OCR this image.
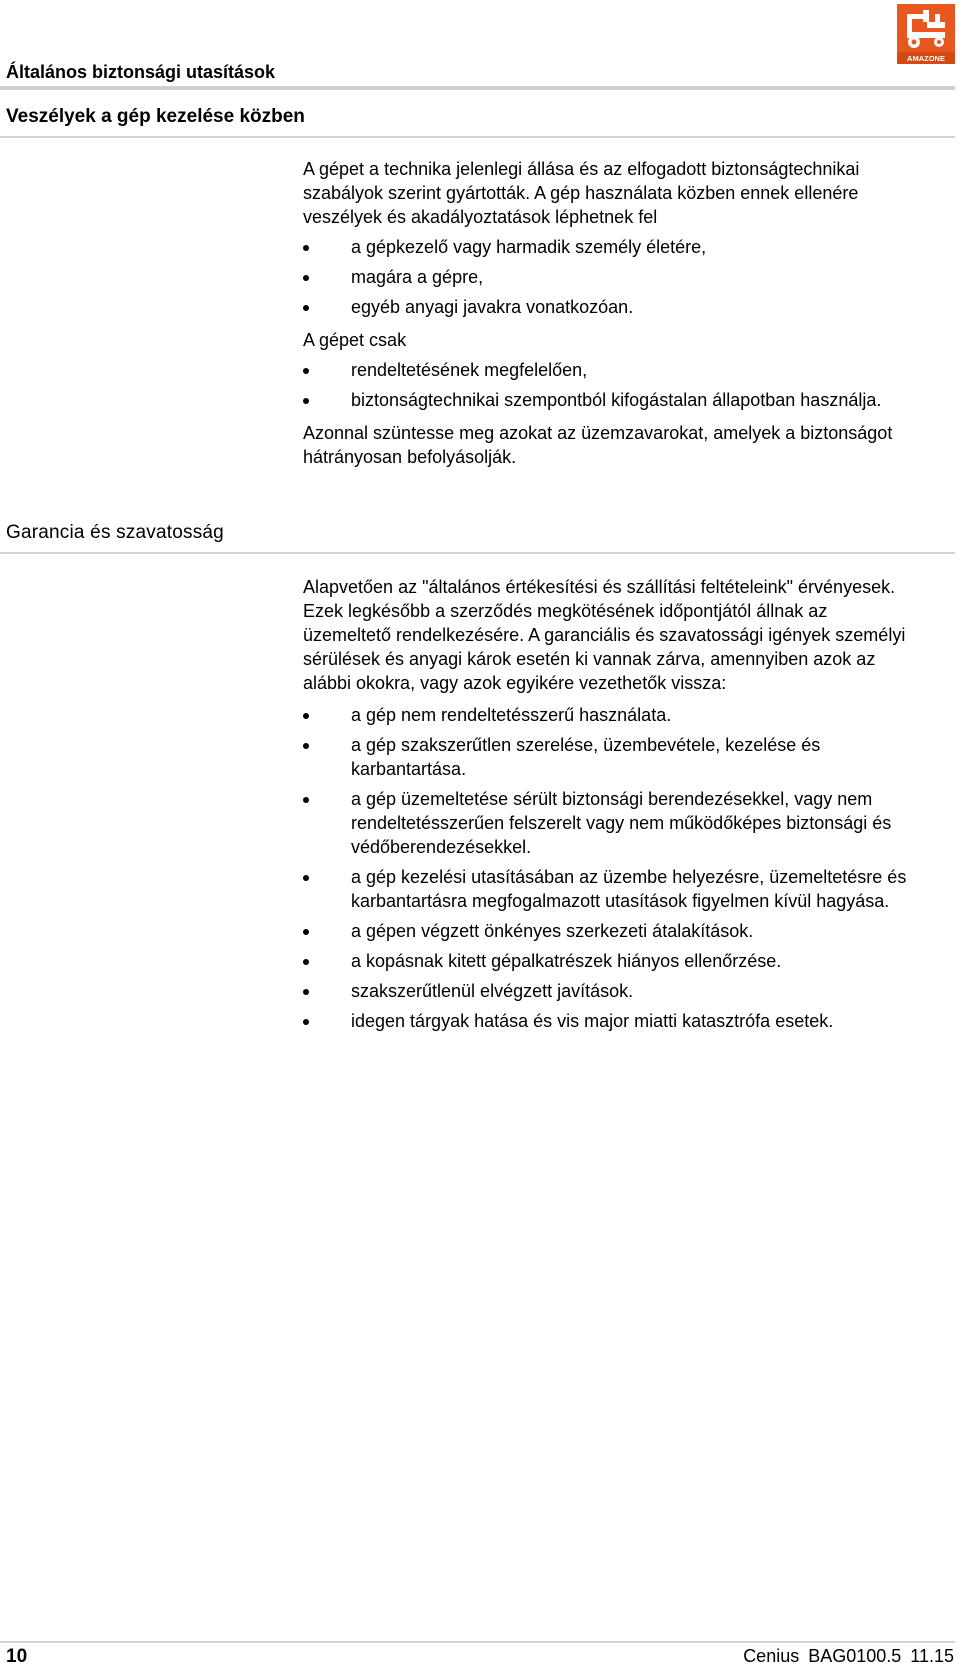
Általános biztonsági utasítások
AMAZONE
Veszélyek a gép kezelése közben

A gépet a technika jelenlegi állása és az elfogadott biztonságtechnikai szabályok szerint gyártották. A gép használata közben ennek ellenére veszélyek és akadályoztatások léphetnek fel

a gépkezelő vagy harmadik személy életére,
magára a gépre,
egyéb anyagi javakra vonatkozóan.

A gépet csak

rendeltetésének megfelelően,
biztonságtechnikai szempontból kifogástalan állapotban használja.

Azonnal szüntesse meg azokat az üzemzavarokat, amelyek a biztonságot hátrányosan befolyásolják.

Garancia és szavatosság

Alapvetően az "általános értékesítési és szállítási feltételeink" érvényesek. Ezek legkésőbb a szerződés megkötésének időpontjától állnak az üzemeltető rendelkezésére. A garanciális és szavatossági igények személyi sérülések és anyagi károk esetén ki vannak zárva, amennyiben azok az alábbi okokra, vagy azok egyikére vezethetők vissza:

a gép nem rendeltetésszerű használata.
a gép szakszerűtlen szerelése, üzembevétele, kezelése és karbantartása.
a gép üzemeltetése sérült biztonsági berendezésekkel, vagy nem rendeltetésszerűen felszerelt vagy nem működőképes biztonsági és védőberendezésekkel.
a gép kezelési utasításában az üzembe helyezésre, üzemeltetésre és karbantartásra megfogalmazott utasítások figyelmen kívül hagyása.
a gépen végzett önkényes szerkezeti átalakítások.
a kopásnak kitett gépalkatrészek hiányos ellenőrzése.
szakszerűtlenül elvégzett javítások.
idegen tárgyak hatása és vis major miatti katasztrófa esetek.
10	Cenius BAG0100.5 11.15
